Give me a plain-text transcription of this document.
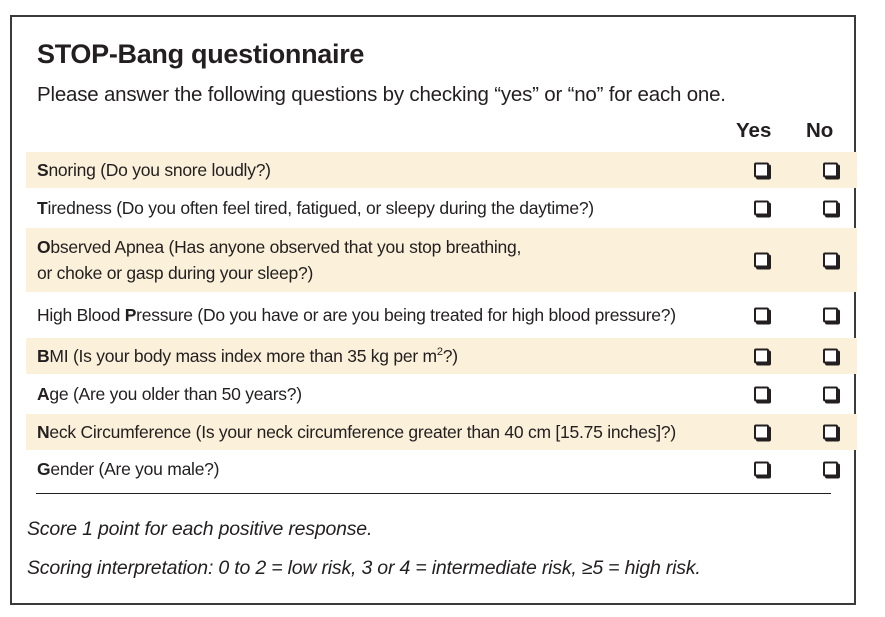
STOP-Bang questionnaire
Please answer the following questions by checking “yes” or “no” for each one.
Yes No
Snoring (Do you snore loudly?)
Tiredness (Do you often feel tired, fatigued, or sleepy during the daytime?)
Observed Apnea (Has anyone observed that you stop breathing,
or choke or gasp during your sleep?)
High Blood Pressure (Do you have or are you being treated for high blood pressure?)
BMI (Is your body mass index more than 35 kg per $m^2$?)
Age (Are you older than 50 years?)
Neck Circumference (Is your neck circumference greater than 40 cm [15.75 inches]?)
Gender (Are you male?)
Score 1 point for each positive response.
Scoring interpretation: 0 to 2 = low risk, 3 or 4 = intermediate risk, ≥5 = high risk.
